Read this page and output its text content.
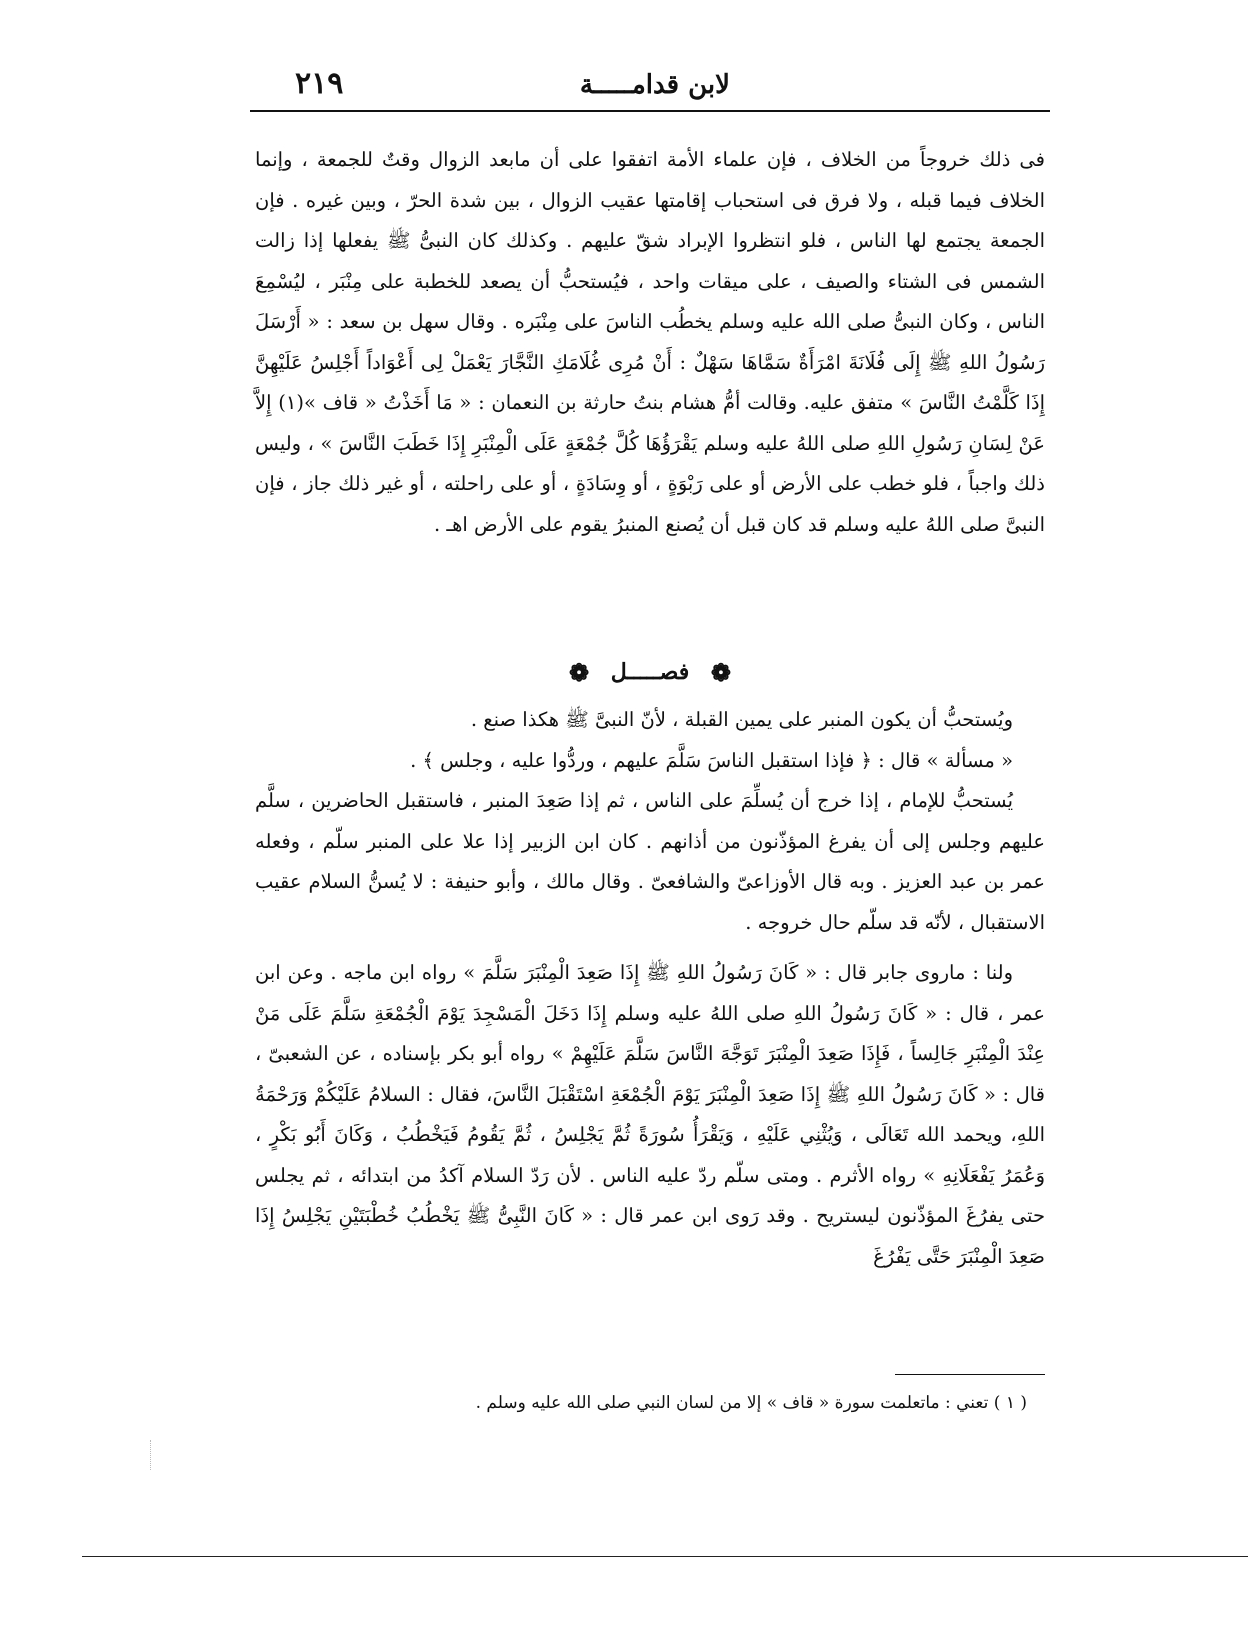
لابن قدامـــــة
٢١٩

فى ذلك خروجاً من الخلاف ، فإن علماء الأمة اتفقوا على أن مابعد الزوال وقتٌ للجمعة ، وإنما الخلاف فيما قبله ، ولا فرق فى استحباب إقامتها عقيب الزوال ، بين شدة الحرّ ، وبين غيره . فإن الجمعة يجتمع لها الناس ، فلو انتظروا الإبراد شقّ عليهم . وكذلك كان النبىُّ ﷺ يفعلها إذا زالت الشمس فى الشتاء والصيف ، على ميقات واحد ، فيُستحبُّ أن يصعد للخطبة على مِنْبَر ، ليُسْمِعَ الناس ، وكان النبىُّ صلى الله عليه وسلم يخطُب الناسَ على مِنْبَره . وقال سهل بن سعد : « أَرْسَلَ رَسُولُ اللهِ ﷺ إِلَى فُلَانَةَ امْرَأَةٌ سَمَّاهَا سَهْلٌ : أَنْ مُرِى غُلَامَكِ النَّجَّارَ يَعْمَلْ لِى أَعْوَاداً أَجْلِسُ عَلَيْهِنَّ إِذَا كَلَّمْتُ النَّاسَ » متفق عليه. وقالت أمُّ هشام بنتُ حارثة بن النعمان : « مَا أَخَذْتُ « قاف »(١) إِلاَّ عَنْ لِسَانِ رَسُولِ اللهِ صلى اللهُ عليه وسلم يَقْرَؤُهَا كُلَّ جُمْعَةٍ عَلَى الْمِنْبَرِ إِذَا خَطَبَ النَّاسَ » ، وليس ذلك واجباً ، فلو خطب على الأرض أو على رَبْوَةٍ ، أو وِسَادَةٍ ، أو على راحلته ، أو غير ذلك جاز ، فإن النبىَّ صلى اللهُ عليه وسلم قد كان قبل أن يُصنع المنبرُ يقوم على الأرض اهـ .

❁ فصـــــل ❁

ويُستحبُّ أن يكون المنبر على يمين القبلة ، لأنّ النبىَّ ﷺ هكذا صنع .

« مسألة » قال : ﴿ فإذا استقبل الناسَ سَلَّمَ عليهم ، وردُّوا عليه ، وجلس ﴾ .

يُستحبُّ للإمام ، إذا خرج أن يُسلِّمَ على الناس ، ثم إذا صَعِدَ المنبر ، فاستقبل الحاضرين ، سلَّم عليهم وجلس إلى أن يفرغ المؤذّنون من أذانهم . كان ابن الزبير إذا علا على المنبر سلّم ، وفعله عمر بن عبد العزيز . وبه قال الأوزاعىّ والشافعىّ . وقال مالك ، وأبو حنيفة : لا يُسنُّ السلام عقيب الاستقبال ، لأنّه قد سلّم حال خروجه .

ولنا : ماروى جابر قال : « كَانَ رَسُولُ اللهِ ﷺ إِذَا صَعِدَ الْمِنْبَرَ سَلَّمَ » رواه ابن ماجه . وعن ابن عمر ، قال : « كَانَ رَسُولُ اللهِ صلى اللهُ عليه وسلم إِذَا دَخَلَ الْمَسْجِدَ يَوْمَ الْجُمْعَةِ سَلَّمَ عَلَى مَنْ عِنْدَ الْمِنْبَرِ جَالِساً ، فَإِذَا صَعِدَ الْمِنْبَرَ تَوَجَّهَ النَّاسَ سَلَّمَ عَلَيْهِمْ » رواه أبو بكر بإسناده ، عن الشعبىّ ، قال : « كَانَ رَسُولُ اللهِ ﷺ إِذَا صَعِدَ الْمِنْبَرَ يَوْمَ الْجُمْعَةِ اسْتَقْبَلَ النَّاسَ، فقال : السلامُ عَلَيْكُمْ وَرَحْمَةُ اللهِ، ويحمد الله تَعَالَى ، وَيُثْنِي عَلَيْهِ ، وَيَقْرَأُ سُورَةً ثُمَّ يَجْلِسُ ، ثُمَّ يَقُومُ فَيَخْطُبُ ، وَكَانَ أَبُو بَكْرٍ ، وَعُمَرُ يَفْعَلَانِهِ » رواه الأثرم . ومتى سلّم ردّ عليه الناس . لأن رَدّ السلام آكدُ من ابتدائه ، ثم يجلس حتى يفرُغَ المؤذّنون ليستريح . وقد رَوى ابن عمر قال : « كَانَ النَّبِىُّ ﷺ يَخْطُبُ خُطْبَتَيْنِ يَجْلِسُ إِذَا صَعِدَ الْمِنْبَرَ حَتَّى يَفْرُغَ

( ١ ) تعني : ماتعلمت سورة « قاف » إلا من لسان النبي صلى الله عليه وسلم .
